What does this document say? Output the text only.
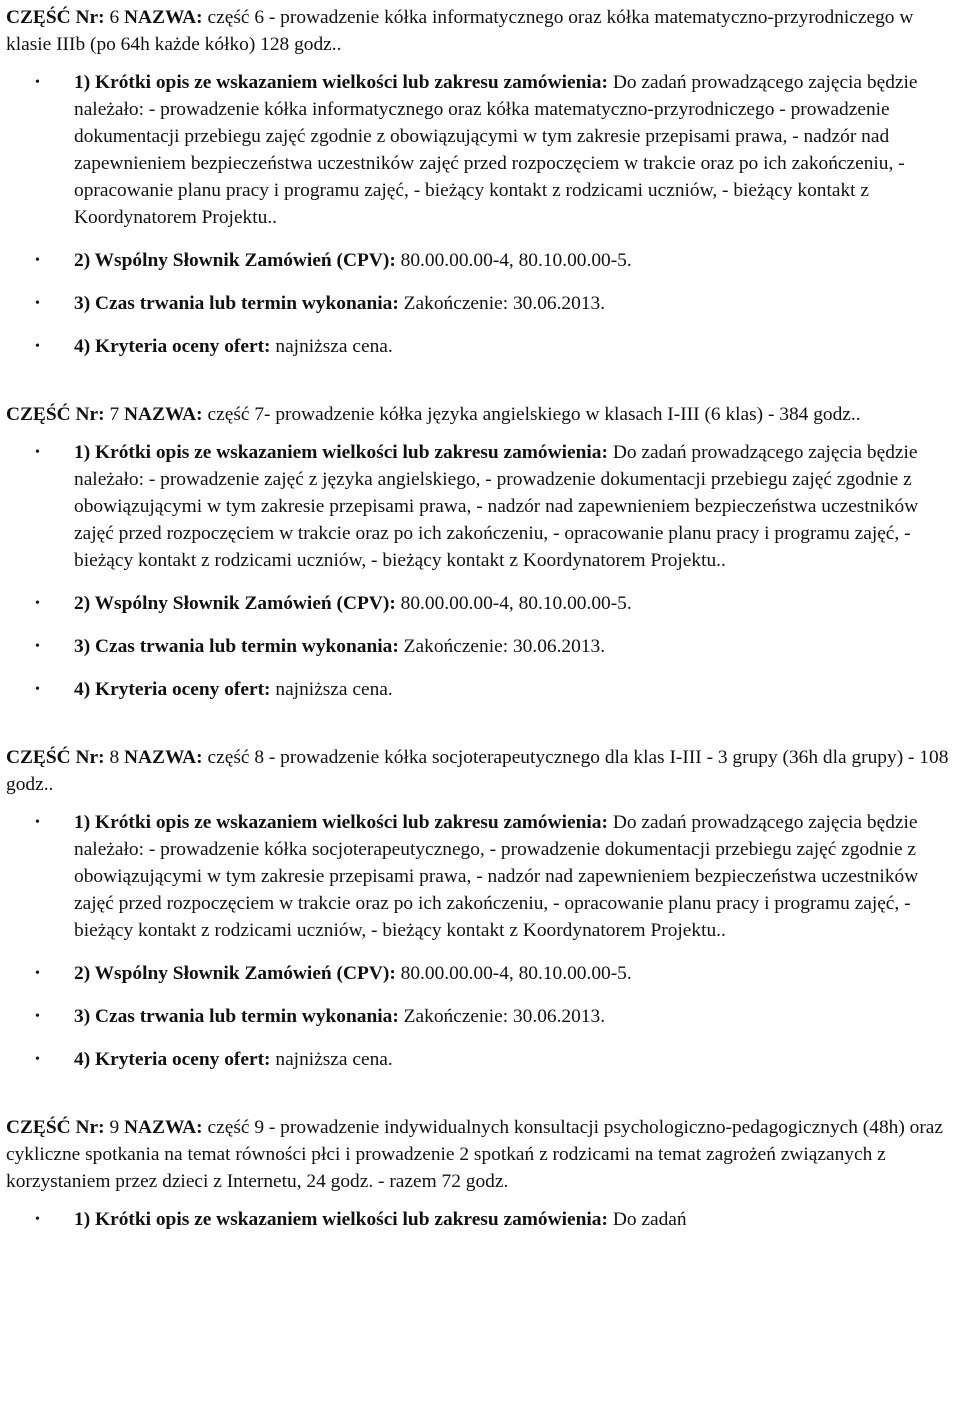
CZĘŚĆ Nr: 6 NAZWA: część 6 - prowadzenie kółka informatycznego oraz kółka matematyczno-przyrodniczego w klasie IIIb (po 64h każde kółko) 128 godz..

• 1) Krótki opis ze wskazaniem wielkości lub zakresu zamówienia: Do zadań prowadzącego zajęcia będzie należało: - prowadzenie kółka informatycznego oraz kółka matematyczno-przyrodniczego - prowadzenie dokumentacji przebiegu zajęć zgodnie z obowiązującymi w tym zakresie przepisami prawa, - nadzór nad zapewnieniem bezpieczeństwa uczestników zajęć przed rozpoczęciem w trakcie oraz po ich zakończeniu, - opracowanie planu pracy i programu zajęć, - bieżący kontakt z rodzicami uczniów, - bieżący kontakt z Koordynatorem Projektu..
• 2) Wspólny Słownik Zamówień (CPV): 80.00.00.00-4, 80.10.00.00-5.
• 3) Czas trwania lub termin wykonania: Zakończenie: 30.06.2013.
• 4) Kryteria oceny ofert: najniższa cena.

CZĘŚĆ Nr: 7 NAZWA: część 7- prowadzenie kółka języka angielskiego w klasach I-III (6 klas) - 384 godz..

• 1) Krótki opis ze wskazaniem wielkości lub zakresu zamówienia: Do zadań prowadzącego zajęcia będzie należało: - prowadzenie zajęć z języka angielskiego, - prowadzenie dokumentacji przebiegu zajęć zgodnie z obowiązującymi w tym zakresie przepisami prawa, - nadzór nad zapewnieniem bezpieczeństwa uczestników zajęć przed rozpoczęciem w trakcie oraz po ich zakończeniu, - opracowanie planu pracy i programu zajęć, - bieżący kontakt z rodzicami uczniów, - bieżący kontakt z Koordynatorem Projektu..
• 2) Wspólny Słownik Zamówień (CPV): 80.00.00.00-4, 80.10.00.00-5.
• 3) Czas trwania lub termin wykonania: Zakończenie: 30.06.2013.
• 4) Kryteria oceny ofert: najniższa cena.

CZĘŚĆ Nr: 8 NAZWA: część 8 - prowadzenie kółka socjoterapeutycznego dla klas I-III - 3 grupy (36h dla grupy) - 108 godz..

• 1) Krótki opis ze wskazaniem wielkości lub zakresu zamówienia: Do zadań prowadzącego zajęcia będzie należało: - prowadzenie kółka socjoterapeutycznego, - prowadzenie dokumentacji przebiegu zajęć zgodnie z obowiązującymi w tym zakresie przepisami prawa, - nadzór nad zapewnieniem bezpieczeństwa uczestników zajęć przed rozpoczęciem w trakcie oraz po ich zakończeniu, - opracowanie planu pracy i programu zajęć, - bieżący kontakt z rodzicami uczniów, - bieżący kontakt z Koordynatorem Projektu..
• 2) Wspólny Słownik Zamówień (CPV): 80.00.00.00-4, 80.10.00.00-5.
• 3) Czas trwania lub termin wykonania: Zakończenie: 30.06.2013.
• 4) Kryteria oceny ofert: najniższa cena.

CZĘŚĆ Nr: 9 NAZWA: część 9 - prowadzenie indywidualnych konsultacji psychologiczno-pedagogicznych (48h) oraz cykliczne spotkania na temat równości płci i prowadzenie 2 spotkań z rodzicami na temat zagrożeń związanych z korzystaniem przez dzieci z Internetu, 24 godz. - razem 72 godz.

• 1) Krótki opis ze wskazaniem wielkości lub zakresu zamówienia: Do zadań
